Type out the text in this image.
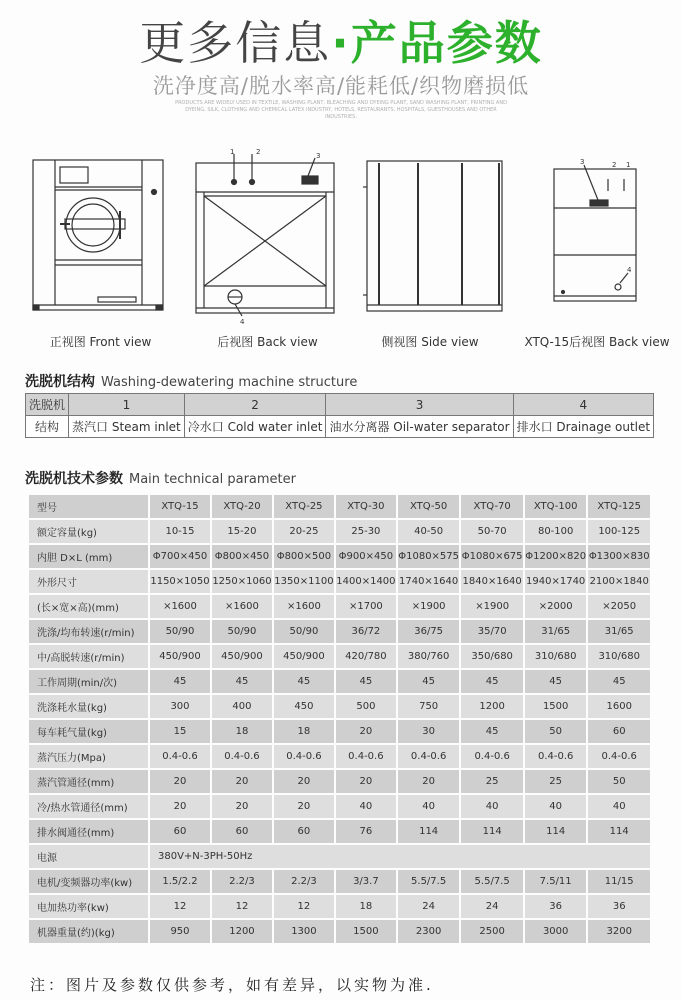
更多信息·产品参数
洗净度高/脱水率高/能耗低/织物磨损低
PRODUCTS ARE WIDELY USED IN TEXTILE, WASHING PLANT, BLEACHING AND DYEING PLANT, SAND WASHING PLANT, PRINTING AND DYEING, SILK, CLOTHING AND CHEMICAL LATEX INDUSTRY, HOTELS, RESTAURANTS, HOSPITALS, GUESTHOUSES AND OTHER INDUSTRIES.
正视图 Front view
1	2	3
4
后视图 Back view	侧视图 Side view
3	2 1
4
XTQ-15后视图 Back view
洗脱机结构 Washing-dewatering machine structure
洗脱机	1	2	3	4
结构	蒸汽口 Steam inlet	冷水口 Cold water inlet	油水分离器 Oil-water separator	排水口 Drainage outlet
洗脱机技术参数 Main technical parameter
型号	XTQ-15	XTQ-20	XTQ-25	XTQ-30	XTQ-50	XTQ-70	XTQ-100	XTQ-125
额定容量(kg)	10-15	15-20	20-25	25-30	40-50	50-70	80-100	100-125
内胆 D×L (mm)	Φ700×450	Φ800×450	Φ800×500	Φ900×450	Φ1080×575	Φ1080×675	Φ1200×820	Φ1300×830
外形尺寸	1150×1050	1250×1060	1350×1100	1400×1400	1740×1640	1840×1640	1940×1740	2100×1840
(长×宽×高)(mm)	×1600	×1600	×1600	×1700	×1900	×1900	×2000	×2050
洗涤/均布转速(r/min)	50/90	50/90	50/90	36/72	36/75	35/70	31/65	31/65
中/高脱转速(r/min)	450/900	450/900	450/900	420/780	380/760	350/680	310/680	310/680
工作周期(min/次)	45	45	45	45	45	45	45	45
洗涤耗水量(kg)	300	400	450	500	750	1200	1500	1600
每车耗气量(kg)	15	18	18	20	30	45	50	60
蒸汽压力(Mpa)	0.4-0.6	0.4-0.6	0.4-0.6	0.4-0.6	0.4-0.6	0.4-0.6	0.4-0.6	0.4-0.6
蒸汽管通径(mm)	20	20	20	20	20	25	25	50
冷/热水管通径(mm)	20	20	20	40	40	40	40	40
排水阀通径(mm)	60	60	60	76	114	114	114	114
电源	380V+N-3PH-50Hz							
电机/变频器功率(kw)	1.5/2.2	2.2/3	2.2/3	3/3.7	5.5/7.5	5.5/7.5	7.5/11	11/15
电加热功率(kw)	12	12	12	18	24	24	36	36
机器重量(约)(kg)	950	1200	1300	1500	2300	2500	3000	3200
注：图片及参数仅供参考，如有差异，以实物为准.
